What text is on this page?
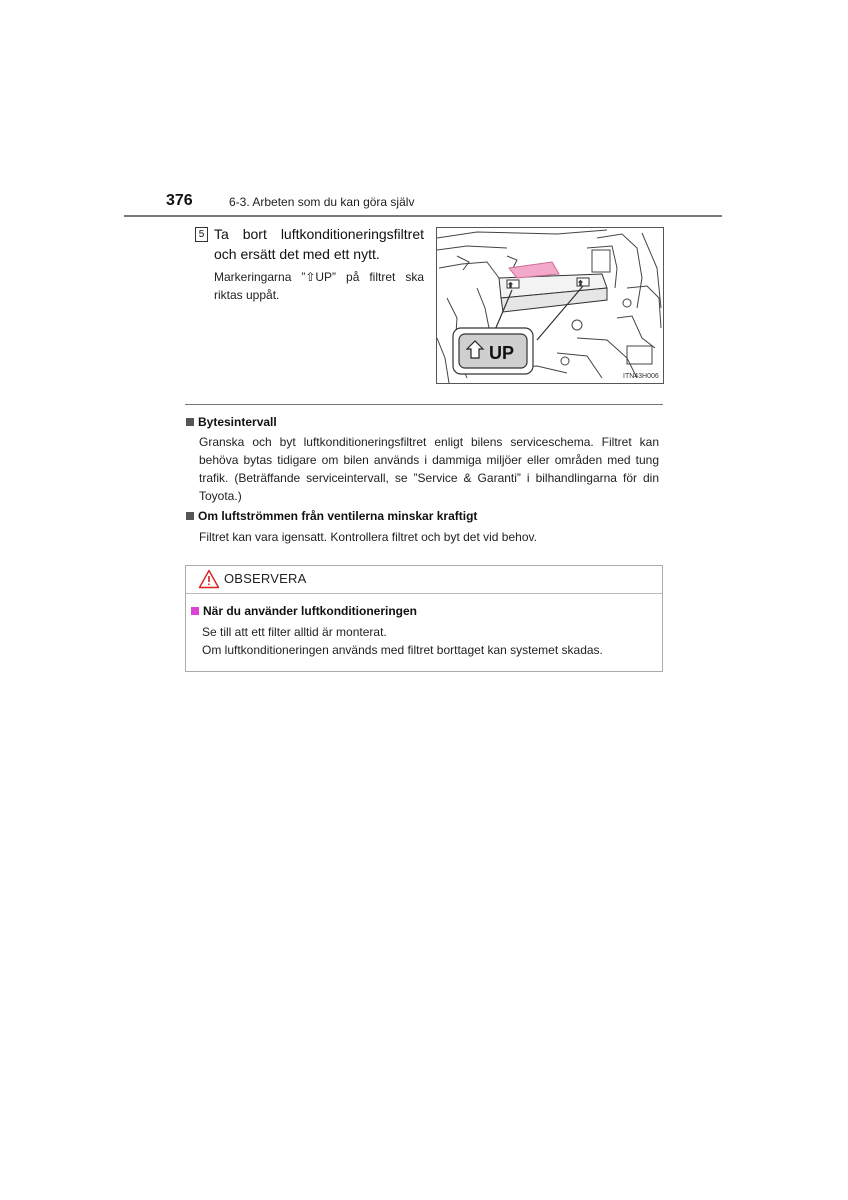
376	6-3. Arbeten som du kan göra själv
5 Ta bort luftkonditioneringsfiltret och ersätt det med ett nytt.
Markeringarna ”⇧UP” på filtret ska riktas uppåt.
⇧	⇧
UP
ITN43H006
Bytesintervall
Granska och byt luftkonditioneringsfiltret enligt bilens serviceschema. Filtret kan behöva bytas tidigare om bilen används i dammiga miljöer eller områden med tung trafik. (Beträffande serviceintervall, se ”Service & Garanti” i bilhandlingarna för din Toyota.)
Om luftströmmen från ventilerna minskar kraftigt
Filtret kan vara igensatt. Kontrollera filtret och byt det vid behov.
OBSERVERA
När du använder luftkonditioneringen
Se till att ett filter alltid är monterat.
Om luftkonditioneringen används med filtret borttaget kan systemet skadas.
